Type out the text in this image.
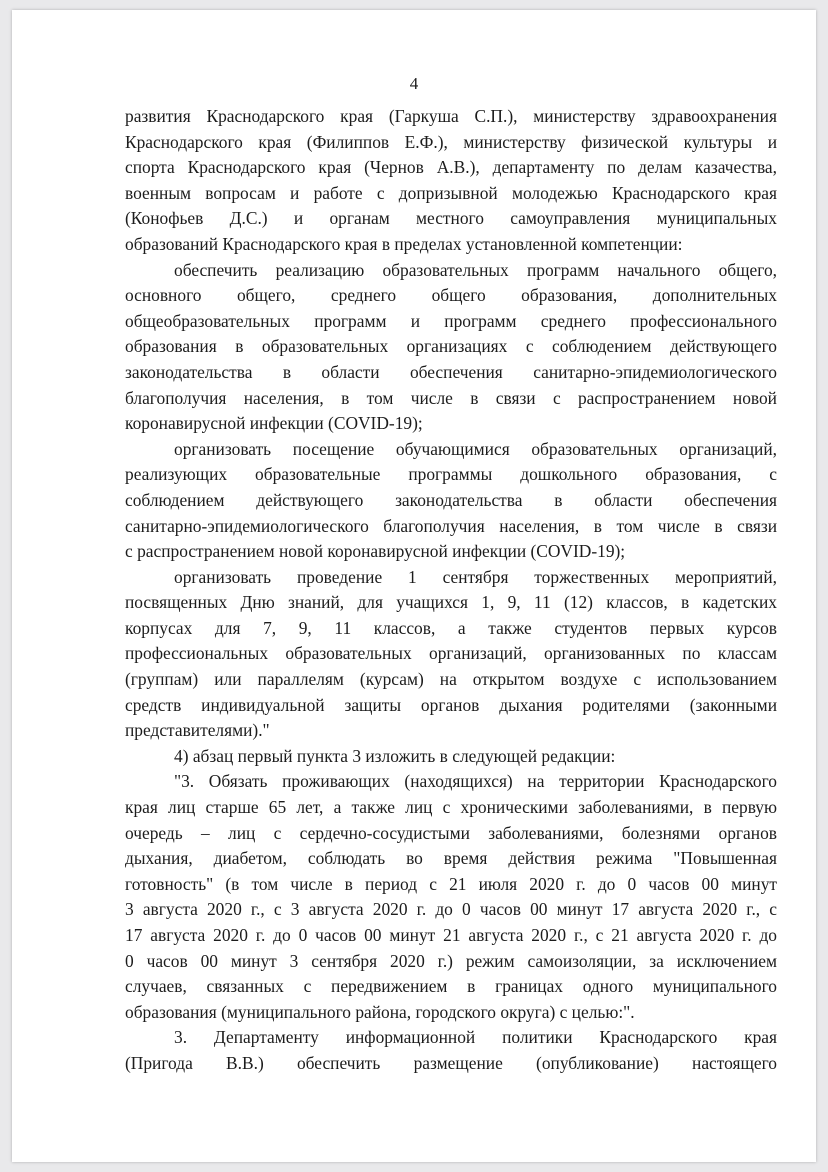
4
развития Краснодарского края (Гаркуша С.П.), министерству здравоохранения
Краснодарского края (Филиппов Е.Ф.), министерству физической культуры и
спорта Краснодарского края (Чернов А.В.), департаменту по делам казачества,
военным вопросам и работе с допризывной молодежью Краснодарского края
(Конофьев Д.С.) и органам местного самоуправления муниципальных
образований Краснодарского края в пределах установленной компетенции:
обеспечить реализацию образовательных программ начального общего,
основного общего, среднего общего образования, дополнительных
общеобразовательных программ и программ среднего профессионального
образования в образовательных организациях с соблюдением действующего
законодательства в области обеспечения санитарно-эпидемиологического
благополучия населения, в том числе в связи с распространением новой
коронавирусной инфекции (COVID-19);
организовать посещение обучающимися образовательных организаций,
реализующих образовательные программы дошкольного образования, с
соблюдением действующего законодательства в области обеспечения
санитарно-эпидемиологического благополучия населения, в том числе в связи
с распространением новой коронавирусной инфекции (COVID-19);
организовать проведение 1 сентября торжественных мероприятий,
посвященных Дню знаний, для учащихся 1, 9, 11 (12) классов, в кадетских
корпусах для 7, 9, 11 классов, а также студентов первых курсов
профессиональных образовательных организаций, организованных по классам
(группам) или параллелям (курсам) на открытом воздухе с использованием
средств индивидуальной защиты органов дыхания родителями (законными
представителями)."
4) абзац первый пункта 3 изложить в следующей редакции:
"3. Обязать проживающих (находящихся) на территории Краснодарского
края лиц старше 65 лет, а также лиц с хроническими заболеваниями, в первую
очередь – лиц с сердечно-сосудистыми заболеваниями, болезнями органов
дыхания, диабетом, соблюдать во время действия режима "Повышенная
готовность" (в том числе в период с 21 июля 2020 г. до 0 часов 00 минут
3 августа 2020 г., с 3 августа 2020 г. до 0 часов 00 минут 17 августа 2020 г., с
17 августа 2020 г. до 0 часов 00 минут 21 августа 2020 г., с 21 августа 2020 г. до
0 часов 00 минут 3 сентября 2020 г.) режим самоизоляции, за исключением
случаев, связанных с передвижением в границах одного муниципального
образования (муниципального района, городского округа) с целью:".
3. Департаменту информационной политики Краснодарского края
(Пригода В.В.) обеспечить размещение (опубликование) настоящего
